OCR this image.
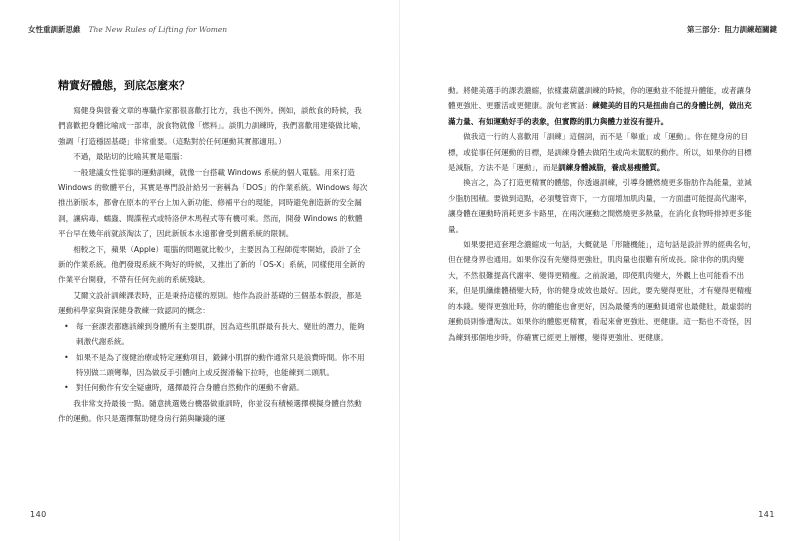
女性重訓新思維 The New Rules of Lifting for Women
精實好體態，到底怎麼來？

寫健身與營養文章的專職作家都很喜歡打比方，我也不例外。例如，談飲食的時候，我們喜歡把身體比喻成一部車，說食物就像「燃料」。談肌力訓練時，我們喜歡用建築做比喻，強調「打造穩固基礎」非常重要。（這點對於任何運動其實都適用。）

不過，最貼切的比喻其實是電腦：

一般建議女性從事的運動訓練，就像一台搭載 Windows 系統的個人電腦。用來打造 Windows 的軟體平台，其實是專門設計給另一套稱為「DOS」的作業系統。Windows 每次推出新版本，都會在原本的平台上加入新功能、修補平台的現能，同時避免創造新的安全漏洞，讓病毒、蠕蟲、間諜程式或特洛伊木馬程式等有機可乘。然而，開發 Windows 的軟體平台早在幾年前就該淘汰了，因此新版本永遠都會受到舊系統的限制。

相較之下，蘋果（Apple）電腦的問題就比較少，主要因為工程師從零開始，設計了全新的作業系統。他們發現系統不夠好的時候，又推出了新的「OS-X」系統，同樣使用全新的作業平台開發，不帶有任何先前的系統殘缺。

艾爾文設計訓練課表時，正是秉持這樣的原則。他作為設計基礎的三個基本假設，都是運動科學家與資深健身教練一致認同的概念：

• 每一套課表都應該練到身體所有主要肌群，因為這些肌群最有長大、變壯的潛力，能夠刺激代謝系統。
• 如果不是為了復健治療或特定運動項目，鍛鍊小肌群的動作通常只是浪費時間。你不用特別做二頭彎舉，因為做反手引體向上或反握滑輪下拉時，也能練到二頭肌。
• 對任何動作有安全疑慮時，選擇最符合身體自然動作的運動不會錯。

我非常支持最後一點。隨意挑選幾台機器做重訓時，你並沒有積極選擇模擬身體自然動作的運動。你只是選擇幫助健身房行銷與賺錢的運

140
第三部分：阻力訓練超關鍵

動。將健美選手的課表濃縮，依樣畫葫蘆訓練的時候，你的運動並不能提升體能，或者讓身體更強壯、更靈活或更健康。說句老實話：練健美的目的只是扭曲自己的身體比例，做出充滿力量、有如運動好手的表象，但實際的肌力與體力並沒有提升。

做我這一行的人喜歡用「訓練」這個詞，而不是「舉重」或「運動」。你在健身房的目標，或從事任何運動的目標，是訓練身體去做陌生或尚未駕馭的動作。所以，如果你的目標是減脂，方法不是「運動」，而是訓練身體減脂，養成易瘦體質。

換言之，為了打造更精實的體態，你透過訓練，引導身體燃燒更多脂肪作為能量，並減少脂肪囤積。要做到這點，必須雙管齊下，一方面增加肌肉量，一方面盡可能提高代謝率，讓身體在運動時消耗更多卡路里，在兩次運動之間燃燒更多熱量，在消化食物時排掉更多能量。

如果要把這套理念濃縮成一句話，大概就是「形隨機能」，這句話是設計界的經典名句，但在健身界也通用。如果你沒有先變得更強壯，肌肉量也很難有所成長。除非你的肌肉變大，不然很難提高代謝率、變得更精瘦。之前說過，即使肌肉變大，外觀上也可能看不出來，但是肌纖維體積變大時，你的健身成效也最好。因此，要先變得更壯，才有變得更精瘦的本錢。變得更強壯時，你的體能也會更好，因為最優秀的運動員通常也最健壯，最虛弱的運動員則慘遭淘汰。如果你的體態更精實，看起來會更強壯、更健康。這一點也不奇怪，因為練到那個地步時，你確實已經更上層樓，變得更強壯、更健康。

141
